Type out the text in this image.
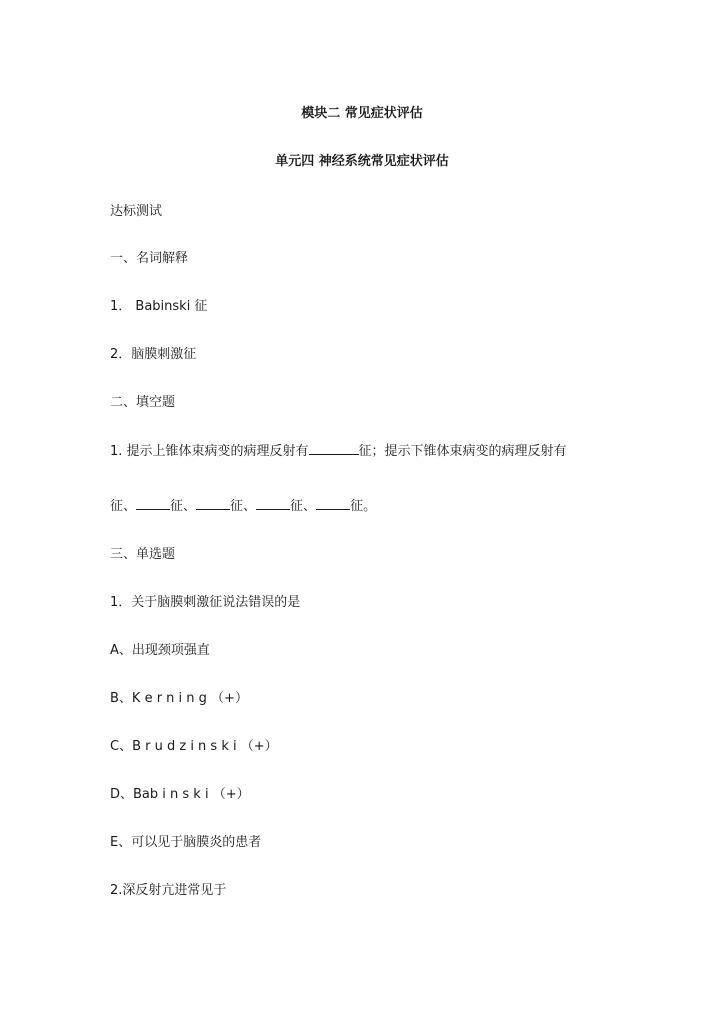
模块二 常见症状评估
单元四 神经系统常见症状评估
达标测试
一、名词解释
1． Babinski 征
2．脑膜刺激征
二、填空题
1. 提示上锥体束病变的病理反射有	征；提示下锥体束病变的病理反射有
征、	征、	征、	征、	征。
三、单选题
1．关于脑膜刺激征说法错误的是
A、出现颈项强直
B、K e r n i n g （+）
C、B r u d z i n s k i （+）
D、Bab i n s k i （+）
E、可以见于脑膜炎的患者
2.深反射亢进常见于
